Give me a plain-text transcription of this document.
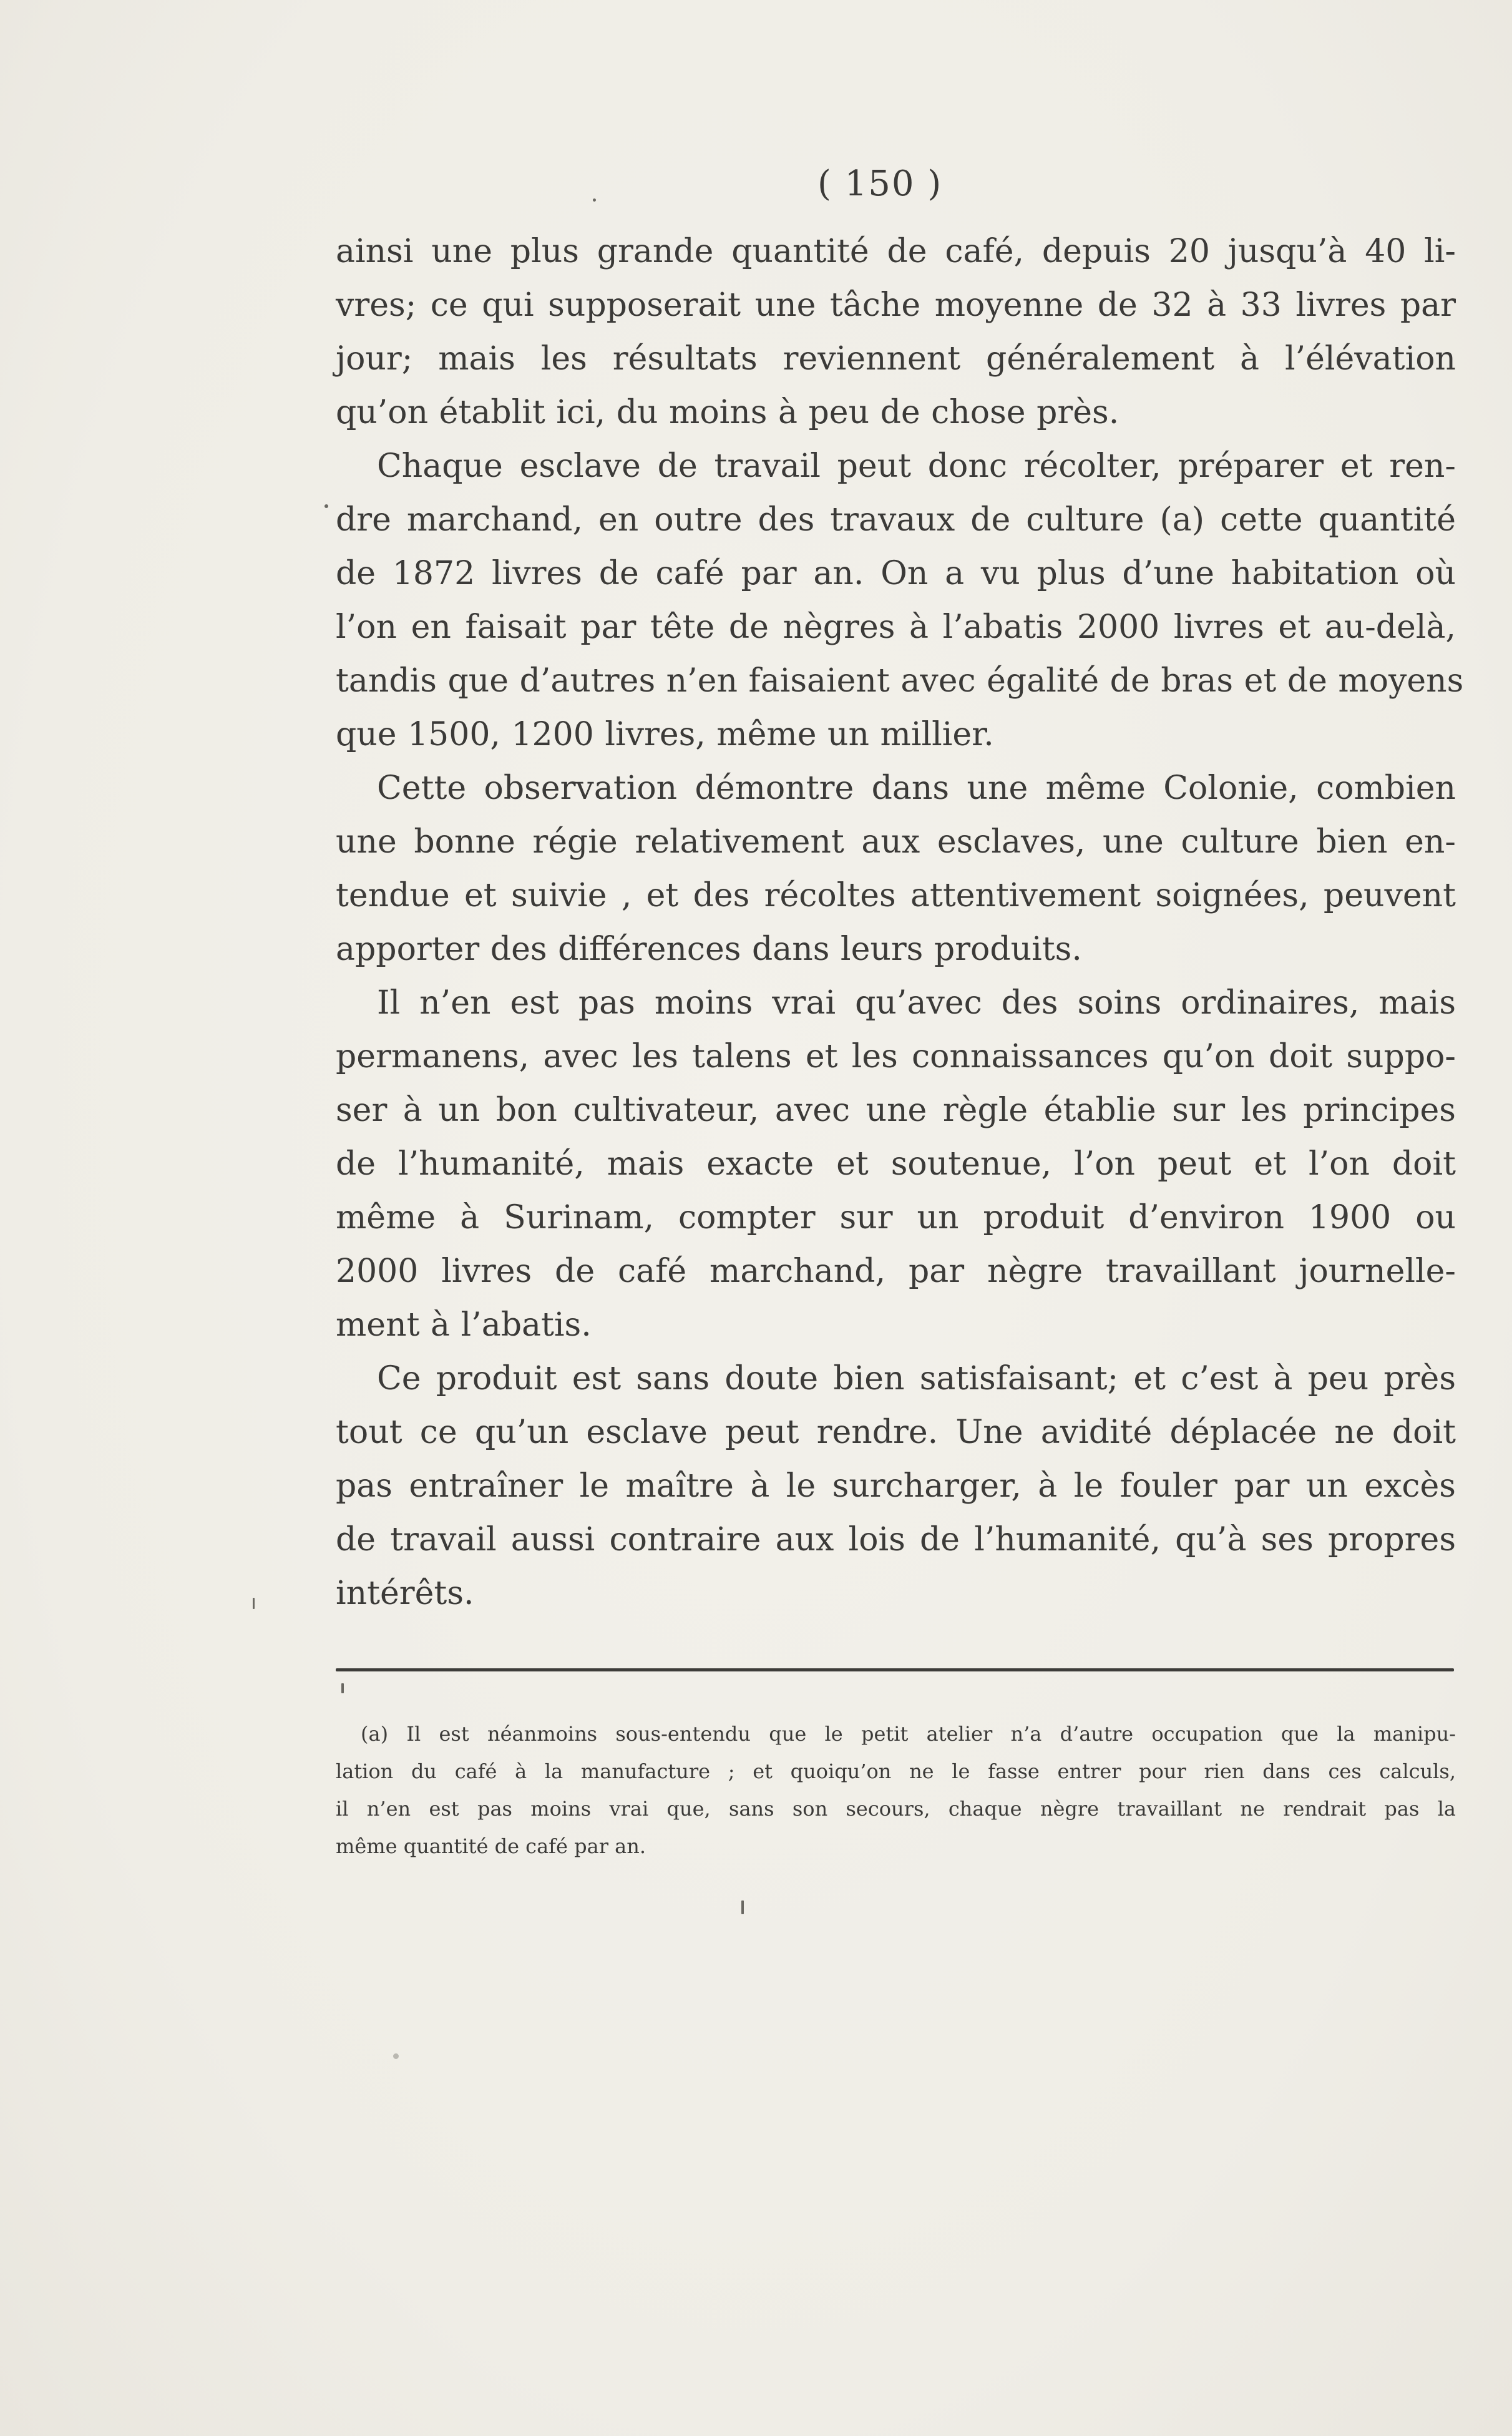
( 150 )
ainsi une plus grande quantité de café, depuis 20 jusqu’à 40 li-
vres; ce qui supposerait une tâche moyenne de 32 à 33 livres par
jour; mais les résultats reviennent généralement à l’élévation
qu’on établit ici, du moins à peu de chose près.
Chaque esclave de travail peut donc récolter, préparer et ren-
dre marchand, en outre des travaux de culture (a) cette quantité
de 1872 livres de café par an. On a vu plus d’une habitation où
l’on en faisait par tête de nègres à l’abatis 2000 livres et au-delà,
tandis que d’autres n’en faisaient avec égalité de bras et de moyens
que 1500, 1200 livres, même un millier.
Cette observation démontre dans une même Colonie, combien
une bonne régie relativement aux esclaves, une culture bien en-
tendue et suivie , et des récoltes attentivement soignées, peuvent
apporter des différences dans leurs produits.
Il n’en est pas moins vrai qu’avec des soins ordinaires, mais
permanens, avec les talens et les connaissances qu’on doit suppo-
ser à un bon cultivateur, avec une règle établie sur les principes
de l’humanité, mais exacte et soutenue, l’on peut et l’on doit
même à Surinam, compter sur un produit d’environ 1900 ou
2000 livres de café marchand, par nègre travaillant journelle-
ment à l’abatis.
Ce produit est sans doute bien satisfaisant; et c’est à peu près
tout ce qu’un esclave peut rendre. Une avidité déplacée ne doit
pas entraîner le maître à le surcharger, à le fouler par un excès
de travail aussi contraire aux lois de l’humanité, qu’à ses propres
intérêts.
(a) Il est néanmoins sous-entendu que le petit atelier n’a d’autre occupation que la manipu-
lation du café à la manufacture ; et quoiqu’on ne le fasse entrer pour rien dans ces calculs,
il n’en est pas moins vrai que, sans son secours, chaque nègre travaillant ne rendrait pas la
même quantité de café par an.
